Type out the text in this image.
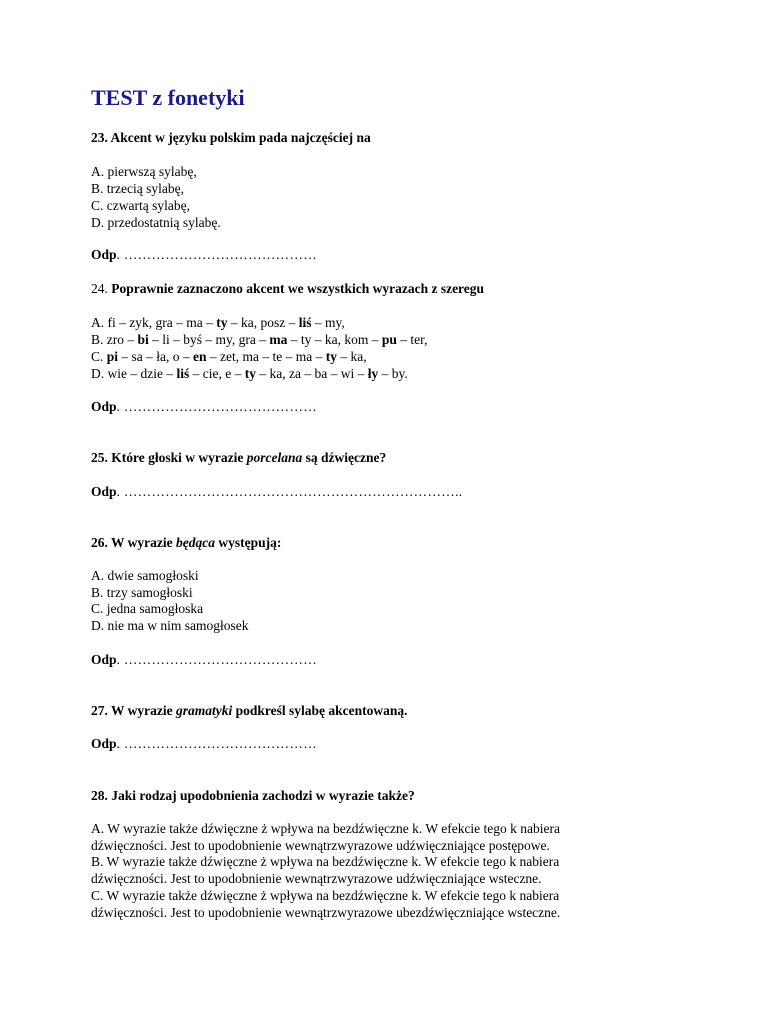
TEST z fonetyki

23. Akcent w języku polskim pada najczęściej na

A. pierwszą sylabę,

B. trzecią sylabę,

C. czwartą sylabę,

D. przedostatnią sylabę.

Odp. ……………………………………

24. Poprawnie zaznaczono akcent we wszystkich wyrazach z szeregu

A. fi – zyk, gra – ma – ty – ka, posz – liś – my,

B. zro – bi – li – byś – my, gra – ma – ty – ka, kom – pu – ter,

C. pi – sa – ła, o – en – zet, ma – te – ma – ty – ka,

D. wie – dzie – liś – cie, e – ty – ka, za – ba – wi – ły – by.

Odp. ……………………………………

25. Które głoski w wyrazie porcelana są dźwięczne?

Odp. ………………………………………………………………..

26. W wyrazie będąca występują:

A. dwie samogłoski

B. trzy samogłoski

C. jedna samogłoska

D. nie ma w nim samogłosek

Odp. ……………………………………

27. W wyrazie gramatyki podkreśl sylabę akcentowaną.

Odp. ……………………………………

28. Jaki rodzaj upodobnienia zachodzi w wyrazie także?

A. W wyrazie także dźwięczne ż wpływa na bezdźwięczne k. W efekcie tego k nabiera

dźwięczności. Jest to upodobnienie wewnątrzwyrazowe udźwięczniające postępowe.

B. W wyrazie także dźwięczne ż wpływa na bezdźwięczne k. W efekcie tego k nabiera

dźwięczności. Jest to upodobnienie wewnątrzwyrazowe udźwięczniające wsteczne.

C. W wyrazie także dźwięczne ż wpływa na bezdźwięczne k. W efekcie tego k nabiera

dźwięczności. Jest to upodobnienie wewnątrzwyrazowe ubezdźwięczniające wsteczne.
